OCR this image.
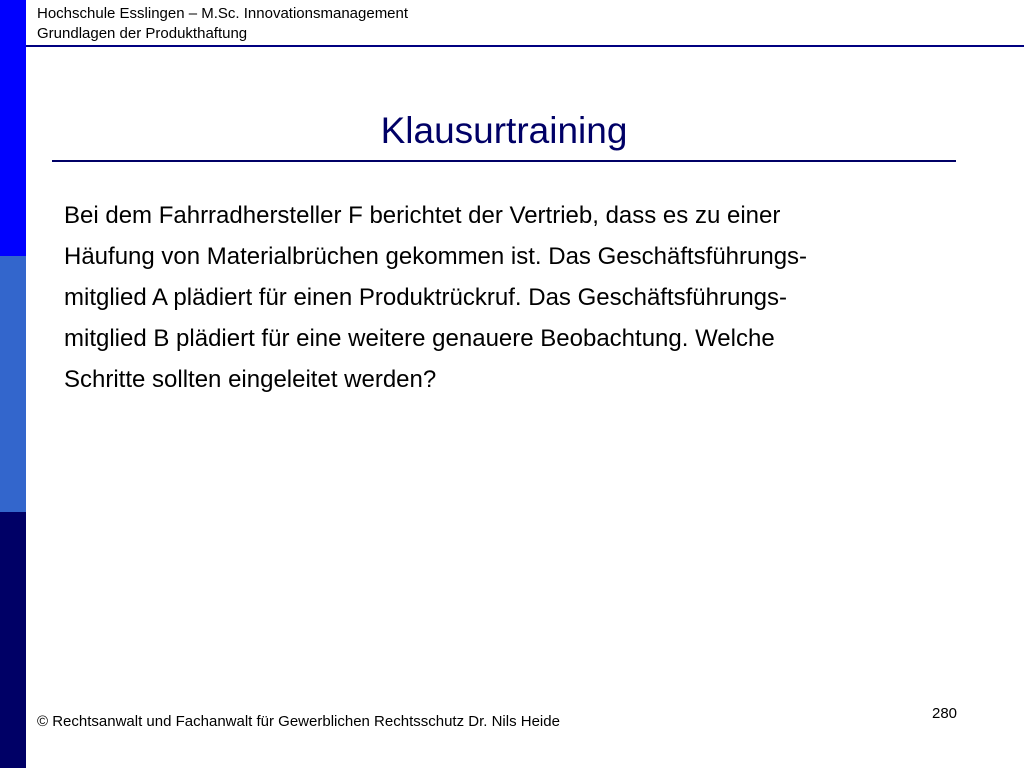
Hochschule Esslingen – M.Sc. Innovationsmanagement
Grundlagen der Produkthaftung
Klausurtraining
Bei dem Fahrradhersteller F berichtet der Vertrieb, dass es zu einer
Häufung von Materialbrüchen gekommen ist. Das Geschäftsführungs-
mitglied A plädiert für einen Produktrückruf. Das Geschäftsführungs-
mitglied B plädiert für eine weitere genauere Beobachtung. Welche
Schritte sollten eingeleitet werden?
280
© Rechtsanwalt und Fachanwalt für Gewerblichen Rechtsschutz Dr. Nils Heide
